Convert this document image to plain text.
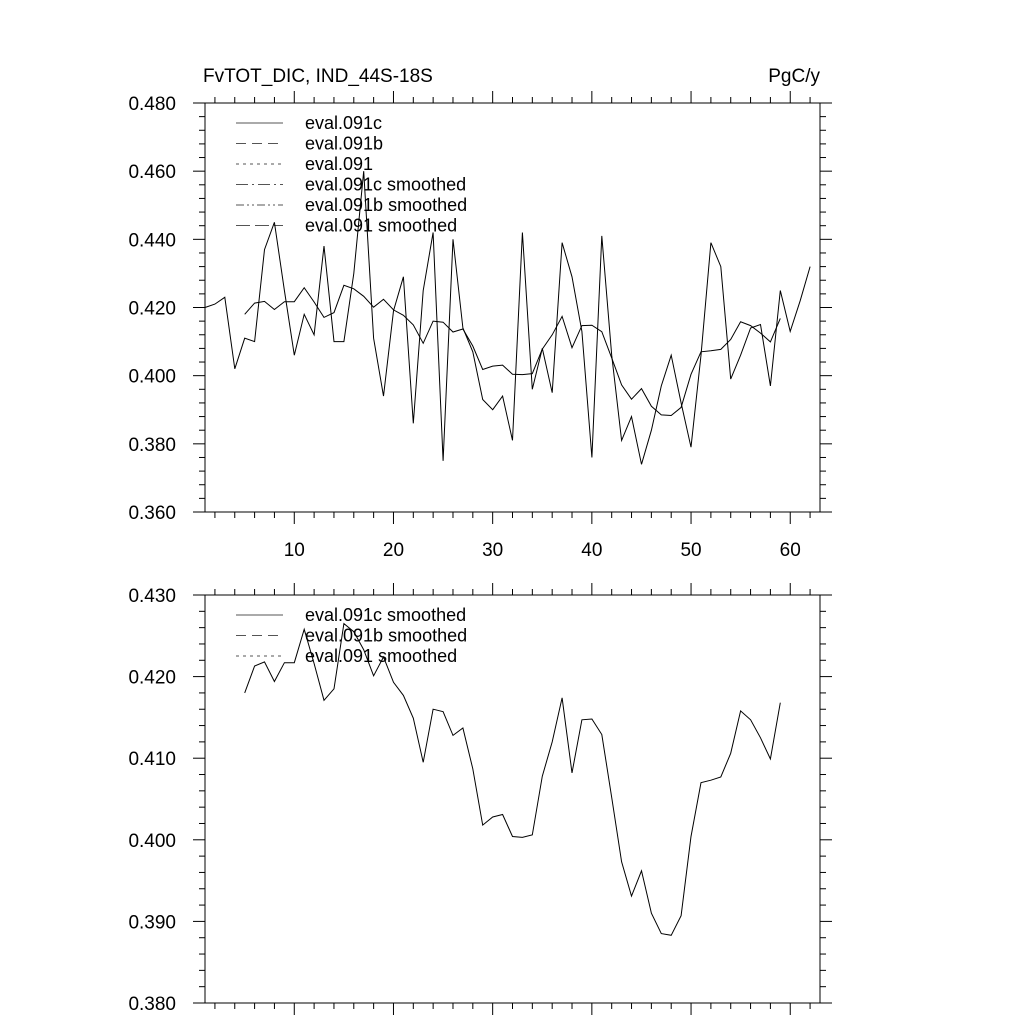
FvTOT_DIC, IND_44S-18S	PgC/y
10	20	30	40	50	60
0.360
0.380
0.400
0.420
0.440
0.460
0.480
eval.091c
eval.091b
eval.091
eval.091c smoothed
eval.091b smoothed
eval.091 smoothed
0.380
0.390
0.400
0.410
0.420
0.430
eval.091c smoothed
eval.091b smoothed
eval.091 smoothed
